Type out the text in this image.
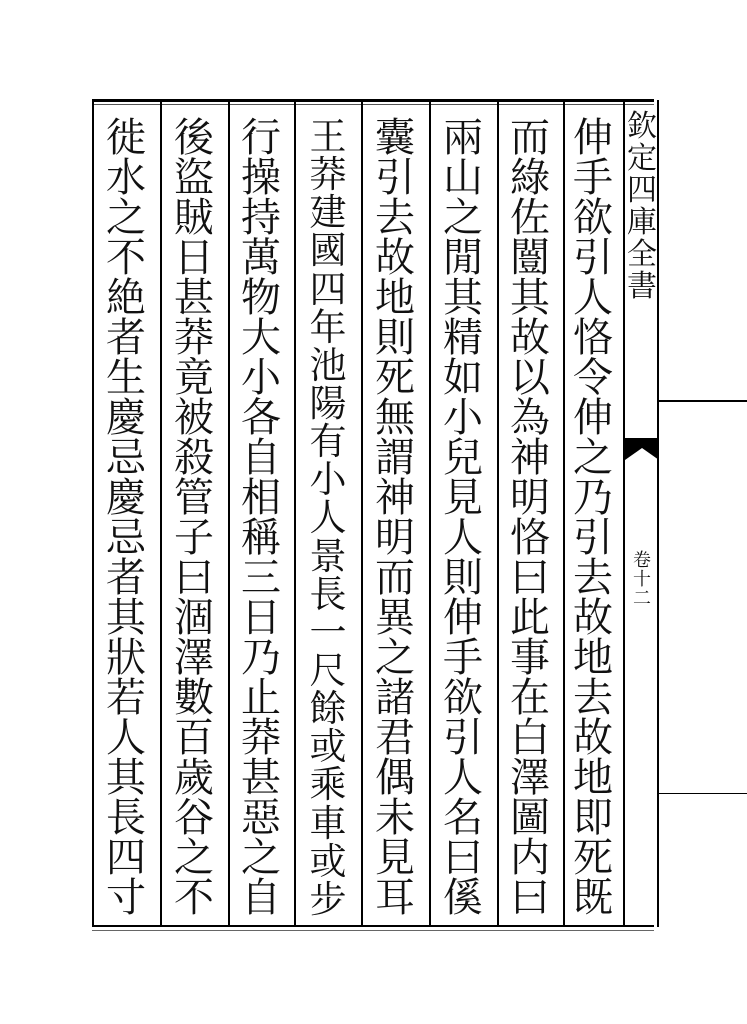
欽
定
四
庫
全
書
卷
十
二
伸
手
欲
引
人
恪
令
伸
之
乃
引
去
故
地
去
故
地
即
死
既
而
綠
佐
闓
其
故
以
為
神
明
恪
曰
此
事
在
白
澤
圖
内
曰
兩
山
之
閒
其
精
如
小
兒
見
人
則
伸
手
欲
引
人
名
曰
傒
囊
引
去
故
地
則
死
無
謂
神
明
而
異
之
諸
君
偶
未
見
耳
王
莽
建
國
四
年
池
陽
有
小
人
景
長
一
尺
餘
或
乘
車
或
步
行
操
持
萬
物
大
小
各
自
相
稱
三
日
乃
止
莽
甚
惡
之
自
後
盜
賊
日
甚
莽
竟
被
殺
管
子
曰
涸
澤
數
百
歲
谷
之
不
徙
水
之
不
絶
者
生
慶
忌
慶
忌
者
其
狀
若
人
其
長
四
寸
